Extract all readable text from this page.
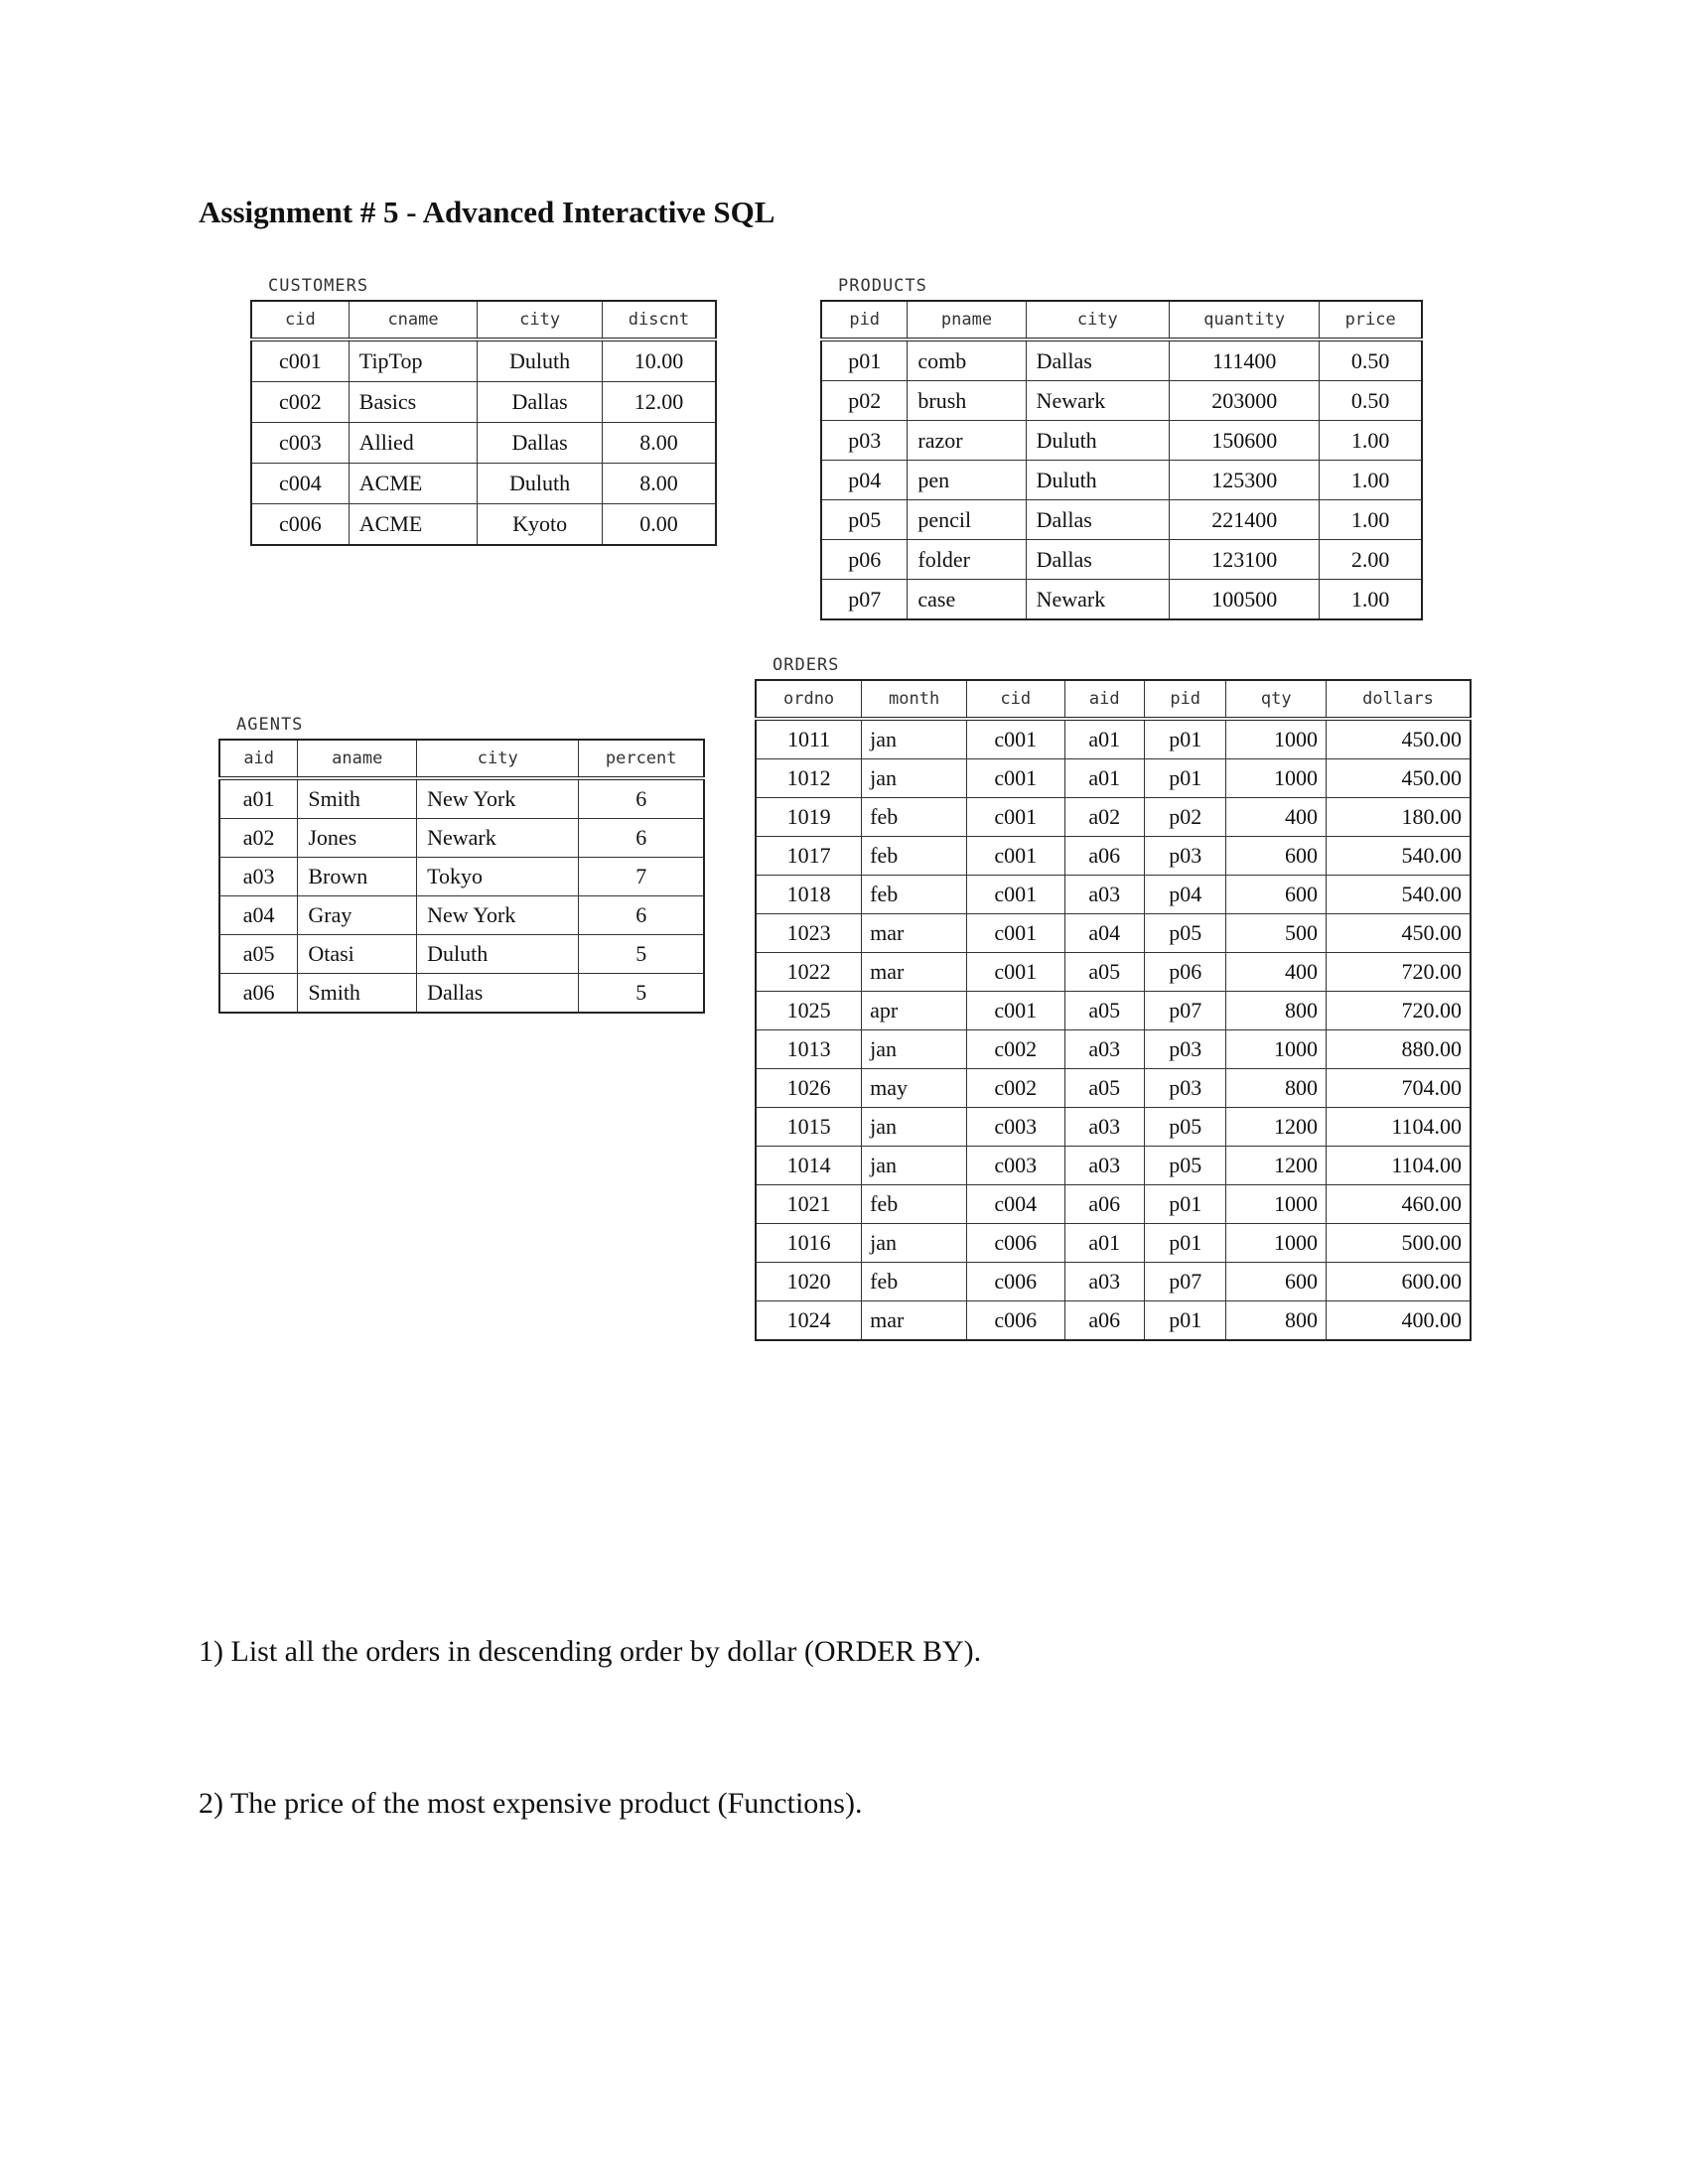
Assignment # 5 - Advanced Interactive SQL
CUSTOMERS
cid	cname	city	discnt
c001	TipTop	Duluth	10.00
c002	Basics	Dallas	12.00
c003	Allied	Dallas	8.00
c004	ACME	Duluth	8.00
c006	ACME	Kyoto	0.00
PRODUCTS
pid	pname	city	quantity	price
p01	comb	Dallas	111400	0.50
p02	brush	Newark	203000	0.50
p03	razor	Duluth	150600	1.00
p04	pen	Duluth	125300	1.00
p05	pencil	Dallas	221400	1.00
p06	folder	Dallas	123100	2.00
p07	case	Newark	100500	1.00
AGENTS
aid	aname	city	percent
a01	Smith	New York	6
a02	Jones	Newark	6
a03	Brown	Tokyo	7
a04	Gray	New York	6
a05	Otasi	Duluth	5
a06	Smith	Dallas	5
ORDERS
ordno	month	cid	aid	pid	qty	dollars
1011	jan	c001	a01	p01	1000	450.00
1012	jan	c001	a01	p01	1000	450.00
1019	feb	c001	a02	p02	400	180.00
1017	feb	c001	a06	p03	600	540.00
1018	feb	c001	a03	p04	600	540.00
1023	mar	c001	a04	p05	500	450.00
1022	mar	c001	a05	p06	400	720.00
1025	apr	c001	a05	p07	800	720.00
1013	jan	c002	a03	p03	1000	880.00
1026	may	c002	a05	p03	800	704.00
1015	jan	c003	a03	p05	1200	1104.00
1014	jan	c003	a03	p05	1200	1104.00
1021	feb	c004	a06	p01	1000	460.00
1016	jan	c006	a01	p01	1000	500.00
1020	feb	c006	a03	p07	600	600.00
1024	mar	c006	a06	p01	800	400.00
1) List all the orders in descending order by dollar (ORDER BY).
2) The price of the most expensive product (Functions).
